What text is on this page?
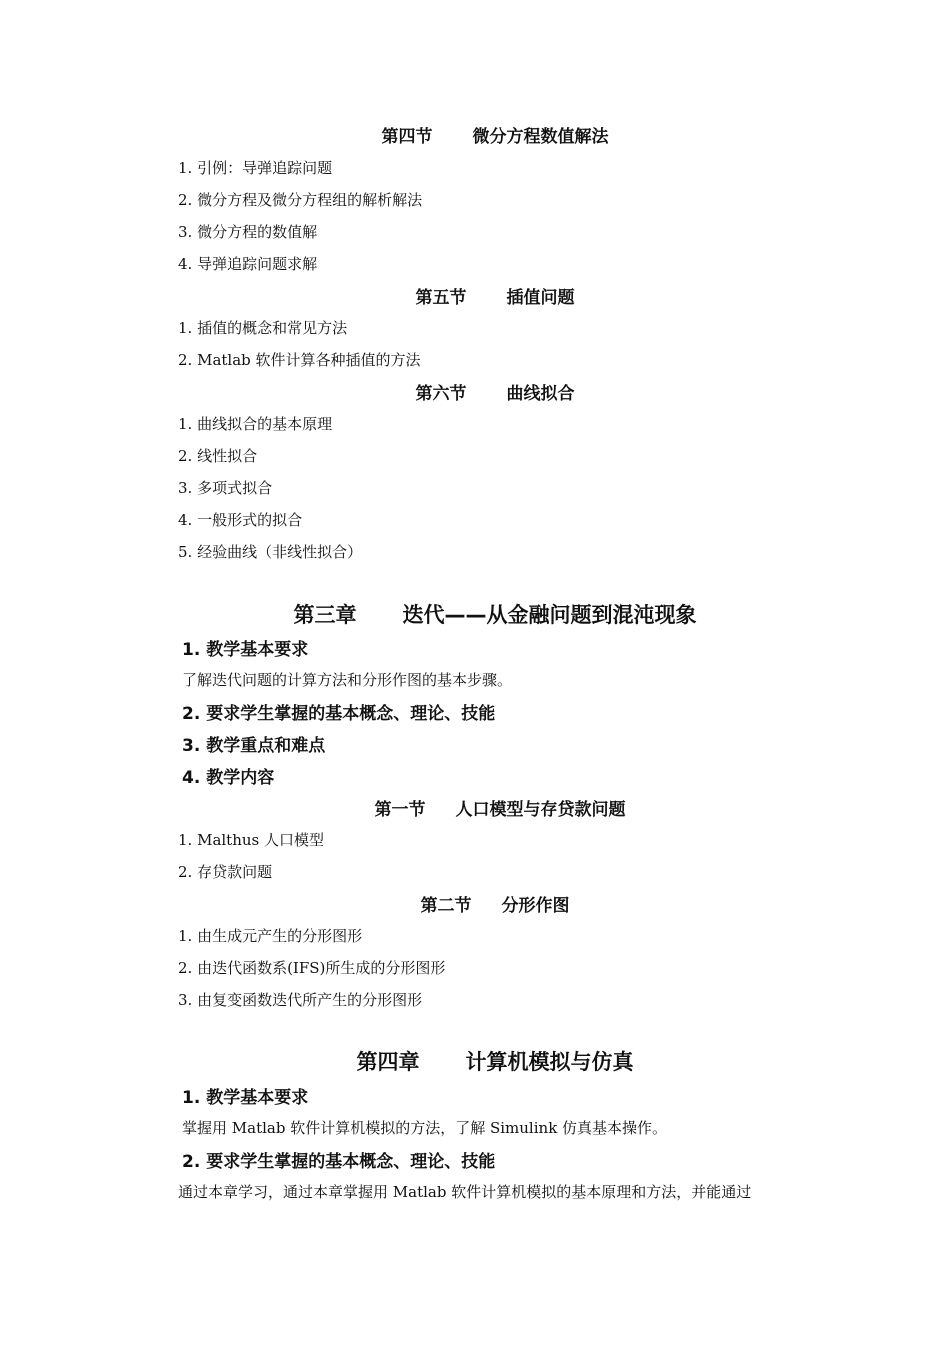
第四节 微分方程数值解法
1. 引例：导弹追踪问题
2. 微分方程及微分方程组的解析解法
3. 微分方程的数值解
4. 导弹追踪问题求解
第五节 插值问题
1. 插值的概念和常见方法
2. Matlab 软件计算各种插值的方法
第六节 曲线拟合
1. 曲线拟合的基本原理
2. 线性拟合
3. 多项式拟合
4. 一般形式的拟合
5. 经验曲线（非线性拟合）
第三章 迭代——从金融问题到混沌现象
1. 教学基本要求
了解迭代问题的计算方法和分形作图的基本步骤。
2. 要求学生掌握的基本概念、理论、技能
3. 教学重点和难点
4. 教学内容
第一节 人口模型与存贷款问题
1. Malthus 人口模型
2. 存贷款问题
第二节 分形作图
1. 由生成元产生的分形图形
2. 由迭代函数系(IFS)所生成的分形图形
3. 由复变函数迭代所产生的分形图形
第四章 计算机模拟与仿真
1. 教学基本要求
掌握用 Matlab 软件计算机模拟的方法，了解 Simulink 仿真基本操作。
2. 要求学生掌握的基本概念、理论、技能
通过本章学习，通过本章掌握用 Matlab 软件计算机模拟的基本原理和方法，并能通过
